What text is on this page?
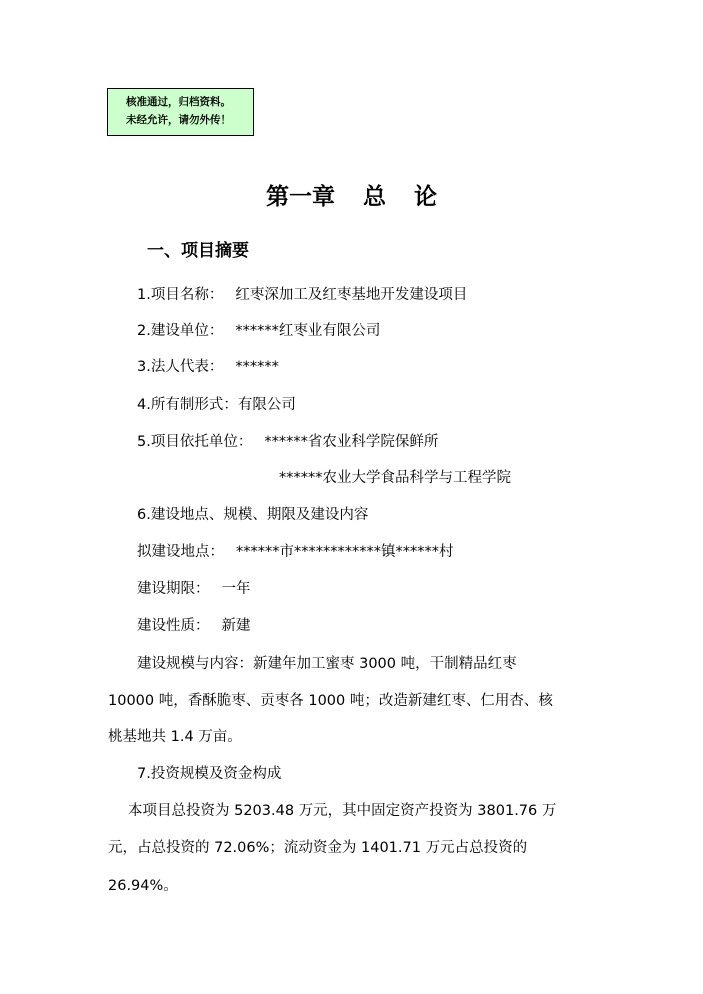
核准通过，归档资料。
未经允许，请勿外传！
第一章 总 论
一、项目摘要
1.项目名称： 红枣深加工及红枣基地开发建设项目
2.建设单位： ******红枣业有限公司
3.法人代表： ******
4.所有制形式：有限公司
5.项目依托单位： ******省农业科学院保鲜所
******农业大学食品科学与工程学院
6.建设地点、规模、期限及建设内容
拟建设地点： ******市************镇******村
建设期限： 一年
建设性质： 新建
建设规模与内容：新建年加工蜜枣 3000 吨，干制精品红枣
10000 吨，香酥脆枣、贡枣各 1000 吨；改造新建红枣、仁用杏、核
桃基地共 1.4 万亩。
7.投资规模及资金构成
本项目总投资为 5203.48 万元，其中固定资产投资为 3801.76 万
元，占总投资的 72.06%；流动资金为 1401.71 万元占总投资的
26.94%。
